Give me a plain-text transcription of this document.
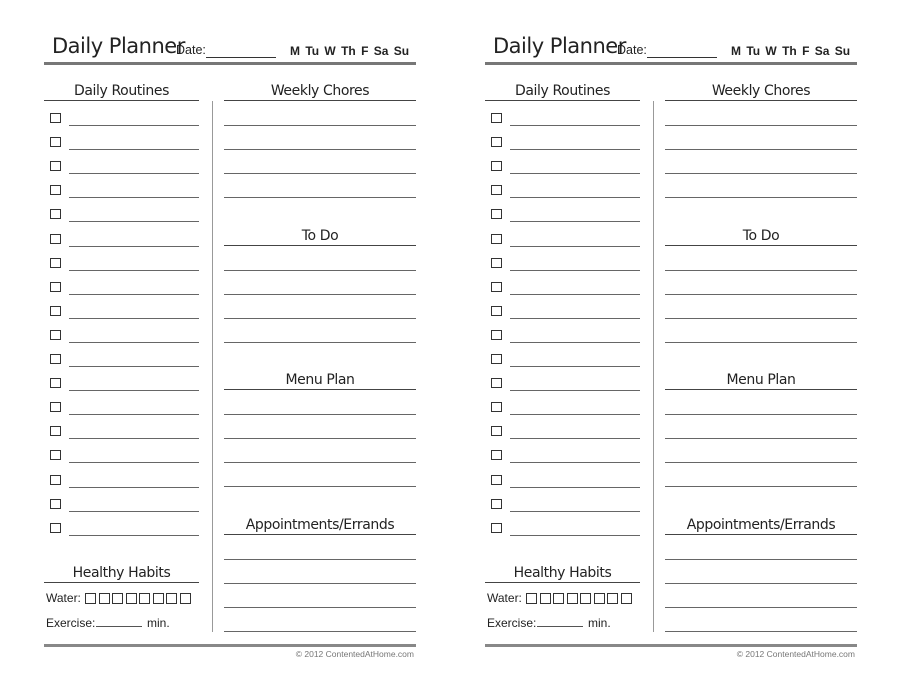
Daily Planner
Date:	M Tu W Th F Sa Su
Daily Routines	Weekly Chores
To Do
Menu Plan
Appointments/Errands
Healthy Habits
Water:
Exercise:	min.
© 2012 ContentedAtHome.com
Daily Planner
Date:	M Tu W Th F Sa Su
Daily Routines	Weekly Chores
To Do
Menu Plan
Appointments/Errands
Healthy Habits
Water:
Exercise:	min.
© 2012 ContentedAtHome.com
